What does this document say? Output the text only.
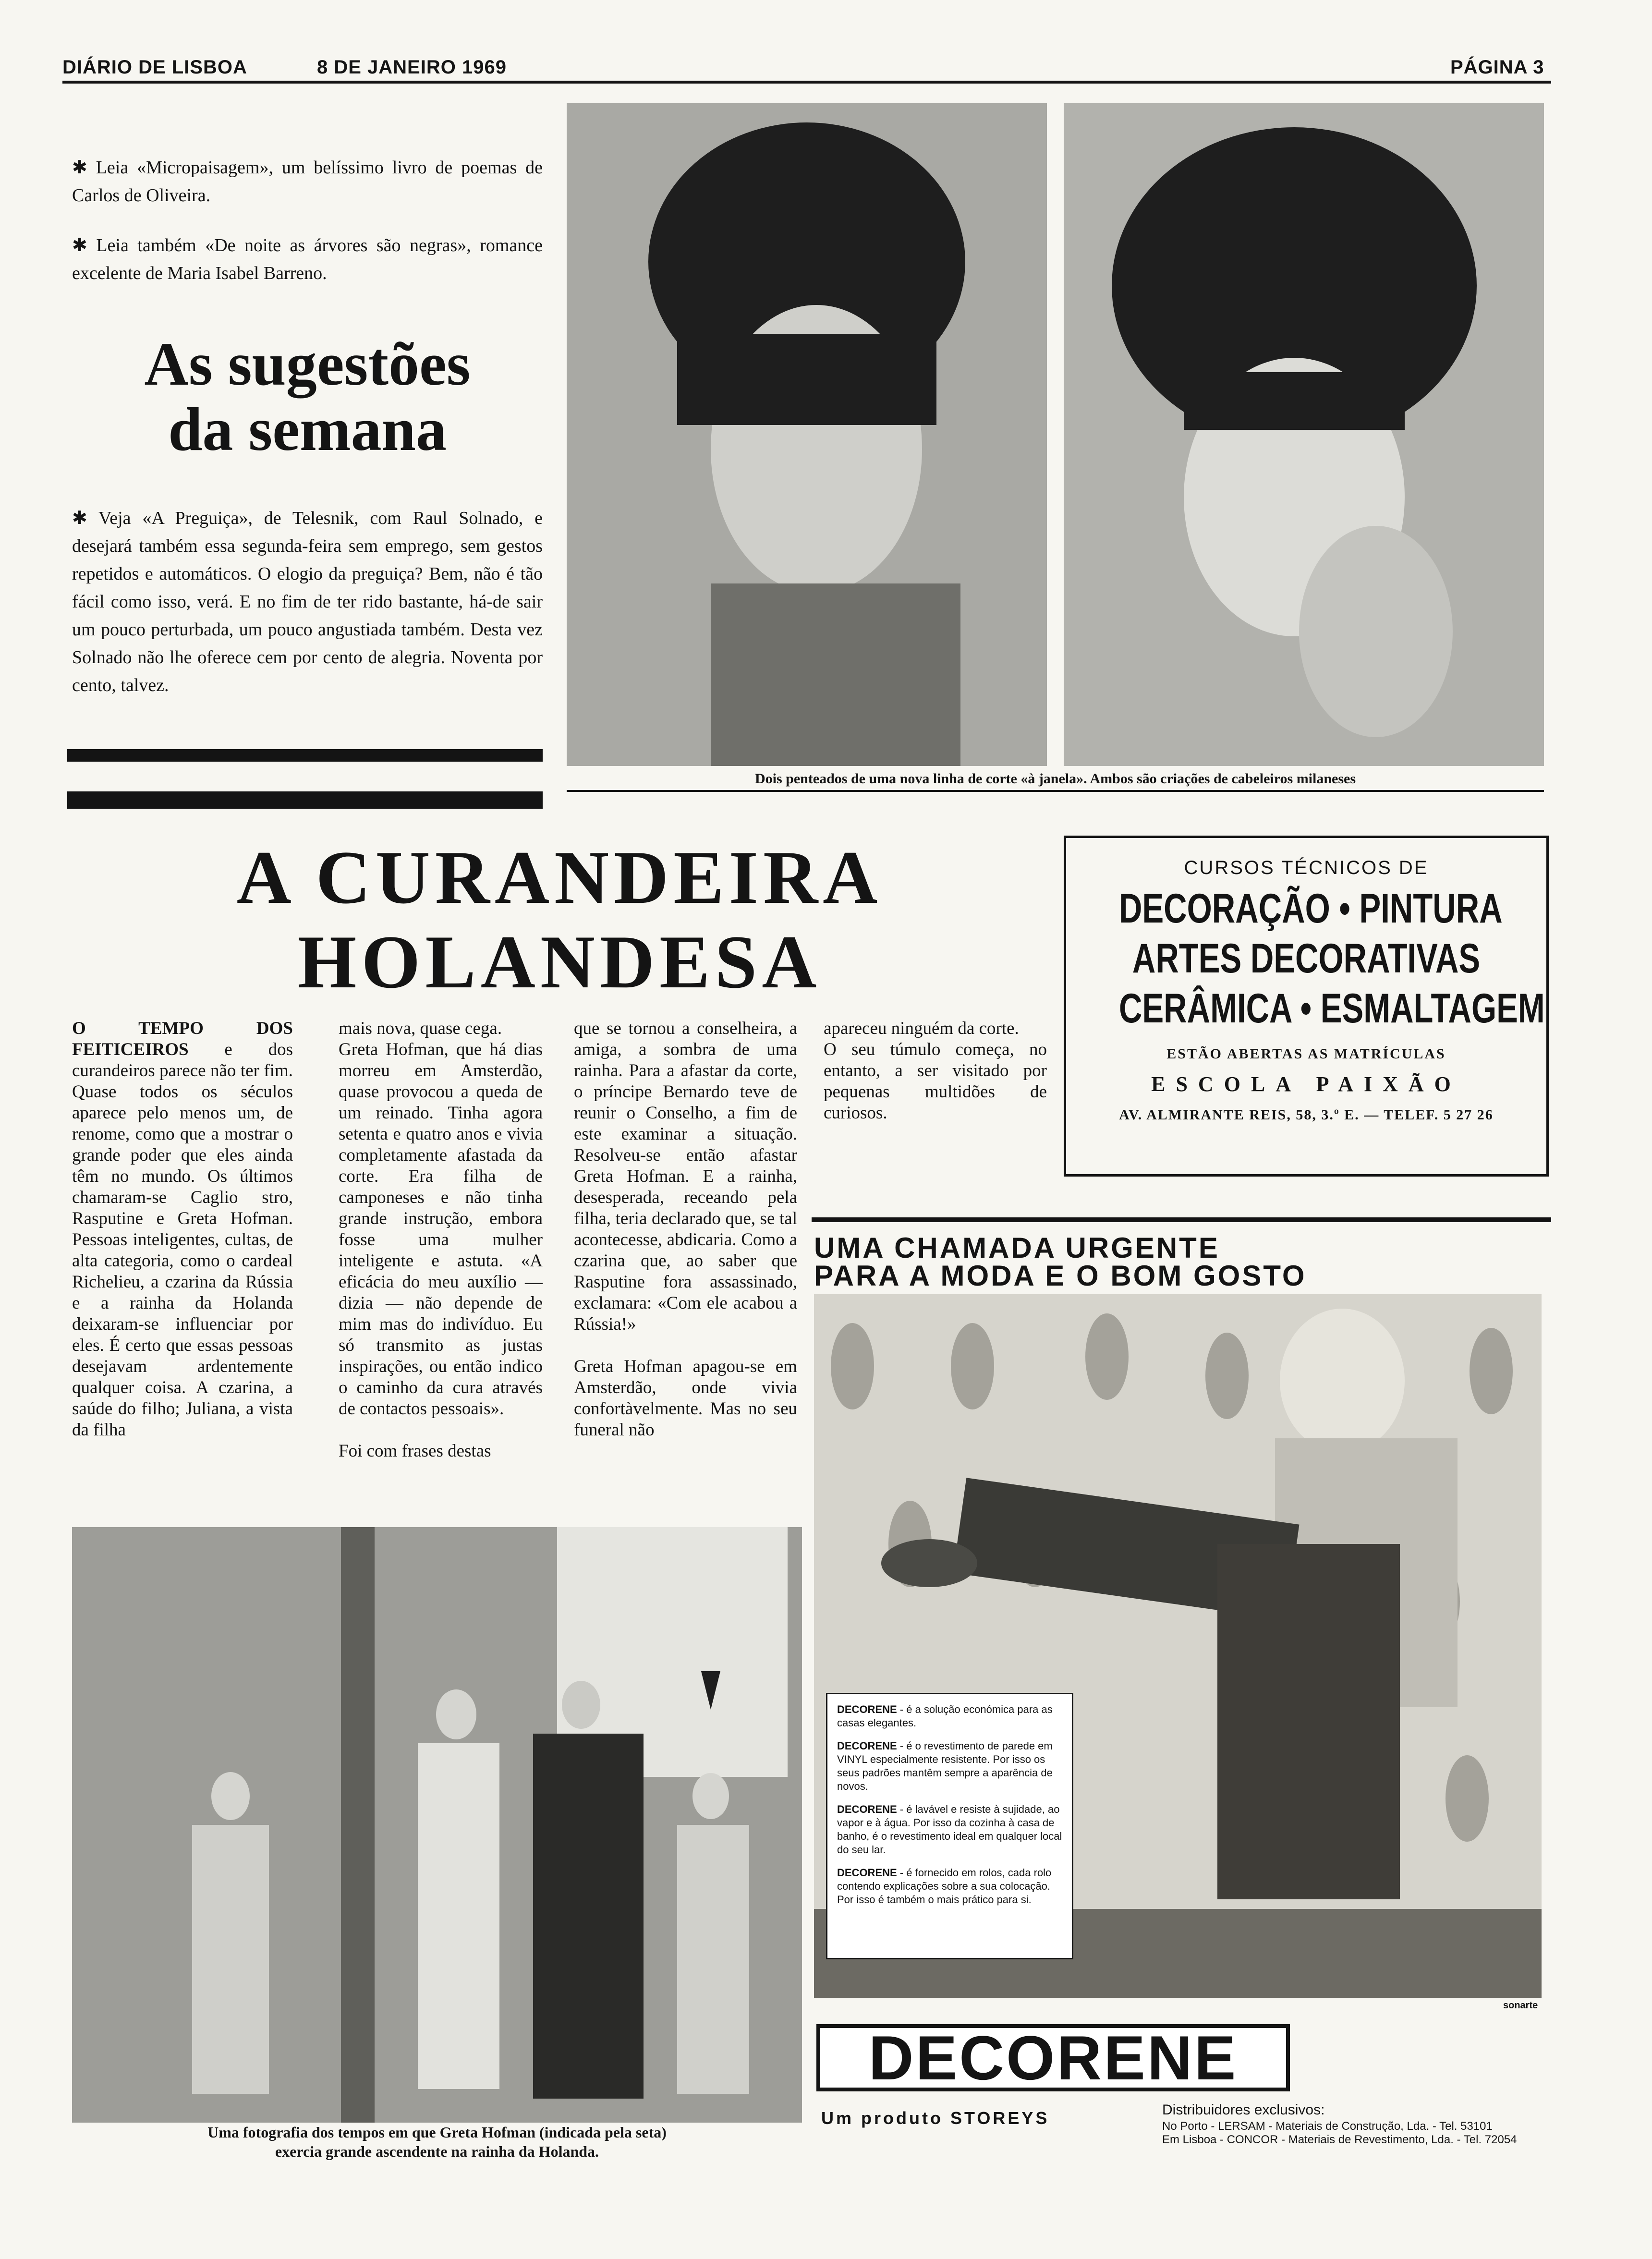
DIÁRIO DE LISBOA	8 DE JANEIRO 1969	PÁGINA 3

✱ Leia «Micropaisagem», um belíssimo livro de poemas de Carlos de Oliveira.

✱ Leia também «De noite as árvores são negras», romance excelente de Maria Isabel Barreno.

As sugestões
da semana

✱ Veja «A Preguiça», de Telesnik, com Raul Solnado, e desejará também essa segunda-feira sem emprego, sem gestos repetidos e automáticos. O elogio da preguiça? Bem, não é tão fácil como isso, verá. E no fim de ter rido bastante, há-de sair um pouco perturbada, um pouco angustiada também. Desta vez Solnado não lhe oferece cem por cento de alegria. Noventa por cento, talvez.

Dois penteados de uma nova linha de corte «à janela». Ambos são criações de cabeleiros milaneses
A CURANDEIRA
HOLANDESA

O TEMPO DOS FEITICEIROS e dos curandeiros parece não ter fim. Quase todos os séculos aparece pelo menos um, de renome, como que a mostrar o grande poder que eles ainda têm no mundo. Os últimos chamaram-se Caglio stro, Rasputine e Greta Hofman. Pessoas inteligentes, cultas, de alta categoria, como o cardeal Richelieu, a czarina da Rússia e a rainha da Holanda deixaram-se influenciar por eles. É certo que essas pessoas desejavam ardentemente qualquer coisa. A czarina, a saúde do filho; Juliana, a vista da filha

mais nova, quase cega.

Greta Hofman, que há dias morreu em Amsterdão, quase provocou a queda de um reinado. Tinha agora setenta e quatro anos e vivia completamente afastada da corte. Era filha de camponeses e não tinha grande instrução, embora fosse uma mulher inteligente e astuta. «A eficácia do meu auxílio — dizia — não depende de mim mas do indivíduo. Eu só transmito as justas inspirações, ou então indico o caminho da cura através de contactos pessoais».

Foi com frases destas

que se tornou a conselheira, a amiga, a sombra de uma rainha. Para a afastar da corte, o príncipe Bernardo teve de reunir o Conselho, a fim de este examinar a situação. Resolveu-se então afastar Greta Hofman. E a rainha, desesperada, receando pela filha, teria declarado que, se tal acontecesse, abdicaria. Como a czarina que, ao saber que Rasputine fora assassinado, exclamara: «Com ele acabou a Rússia!»

Greta Hofman apagou-se em Amsterdão, onde vivia confortàvelmente. Mas no seu funeral não

apareceu ninguém da corte.

O seu túmulo começa, no entanto, a ser visitado por pequenas multidões de curiosos.

Uma fotografia dos tempos em que Greta Hofman (indicada pela seta) exercia grande ascendente na rainha da Holanda.
CURSOS TÉCNICOS DE
DECORAÇÃO • PINTURA
ARTES DECORATIVAS
CERÂMICA • ESMALTAGEM
ESTÃO ABERTAS AS MATRÍCULAS
ESCOLA PAIXÃO
AV. ALMIRANTE REIS, 58, 3.º E. — TELEF. 5 27 26
UMA CHAMADA URGENTE
PARA A MODA E O BOM GOSTO

DECORENE - é a solução económica para as casas elegantes.

DECORENE - é o revestimento de parede em VINYL especialmente resistente. Por isso os seus padrões mantêm sempre a aparência de novos.

DECORENE - é lavável e resiste à sujidade, ao vapor e à água. Por isso da cozinha à casa de banho, é o revestimento ideal em qualquer local do seu lar.

DECORENE - é fornecido em rolos, cada rolo contendo explicações sobre a sua colocação. Por isso é também o mais prático para si.

sonarte
DECORENE
Um produto STOREYS	Distribuidores exclusivos:
No Porto - LERSAM - Materiais de Construção, Lda. - Tel. 53101
Em Lisboa - CONCOR - Materiais de Revestimento, Lda. - Tel. 72054
